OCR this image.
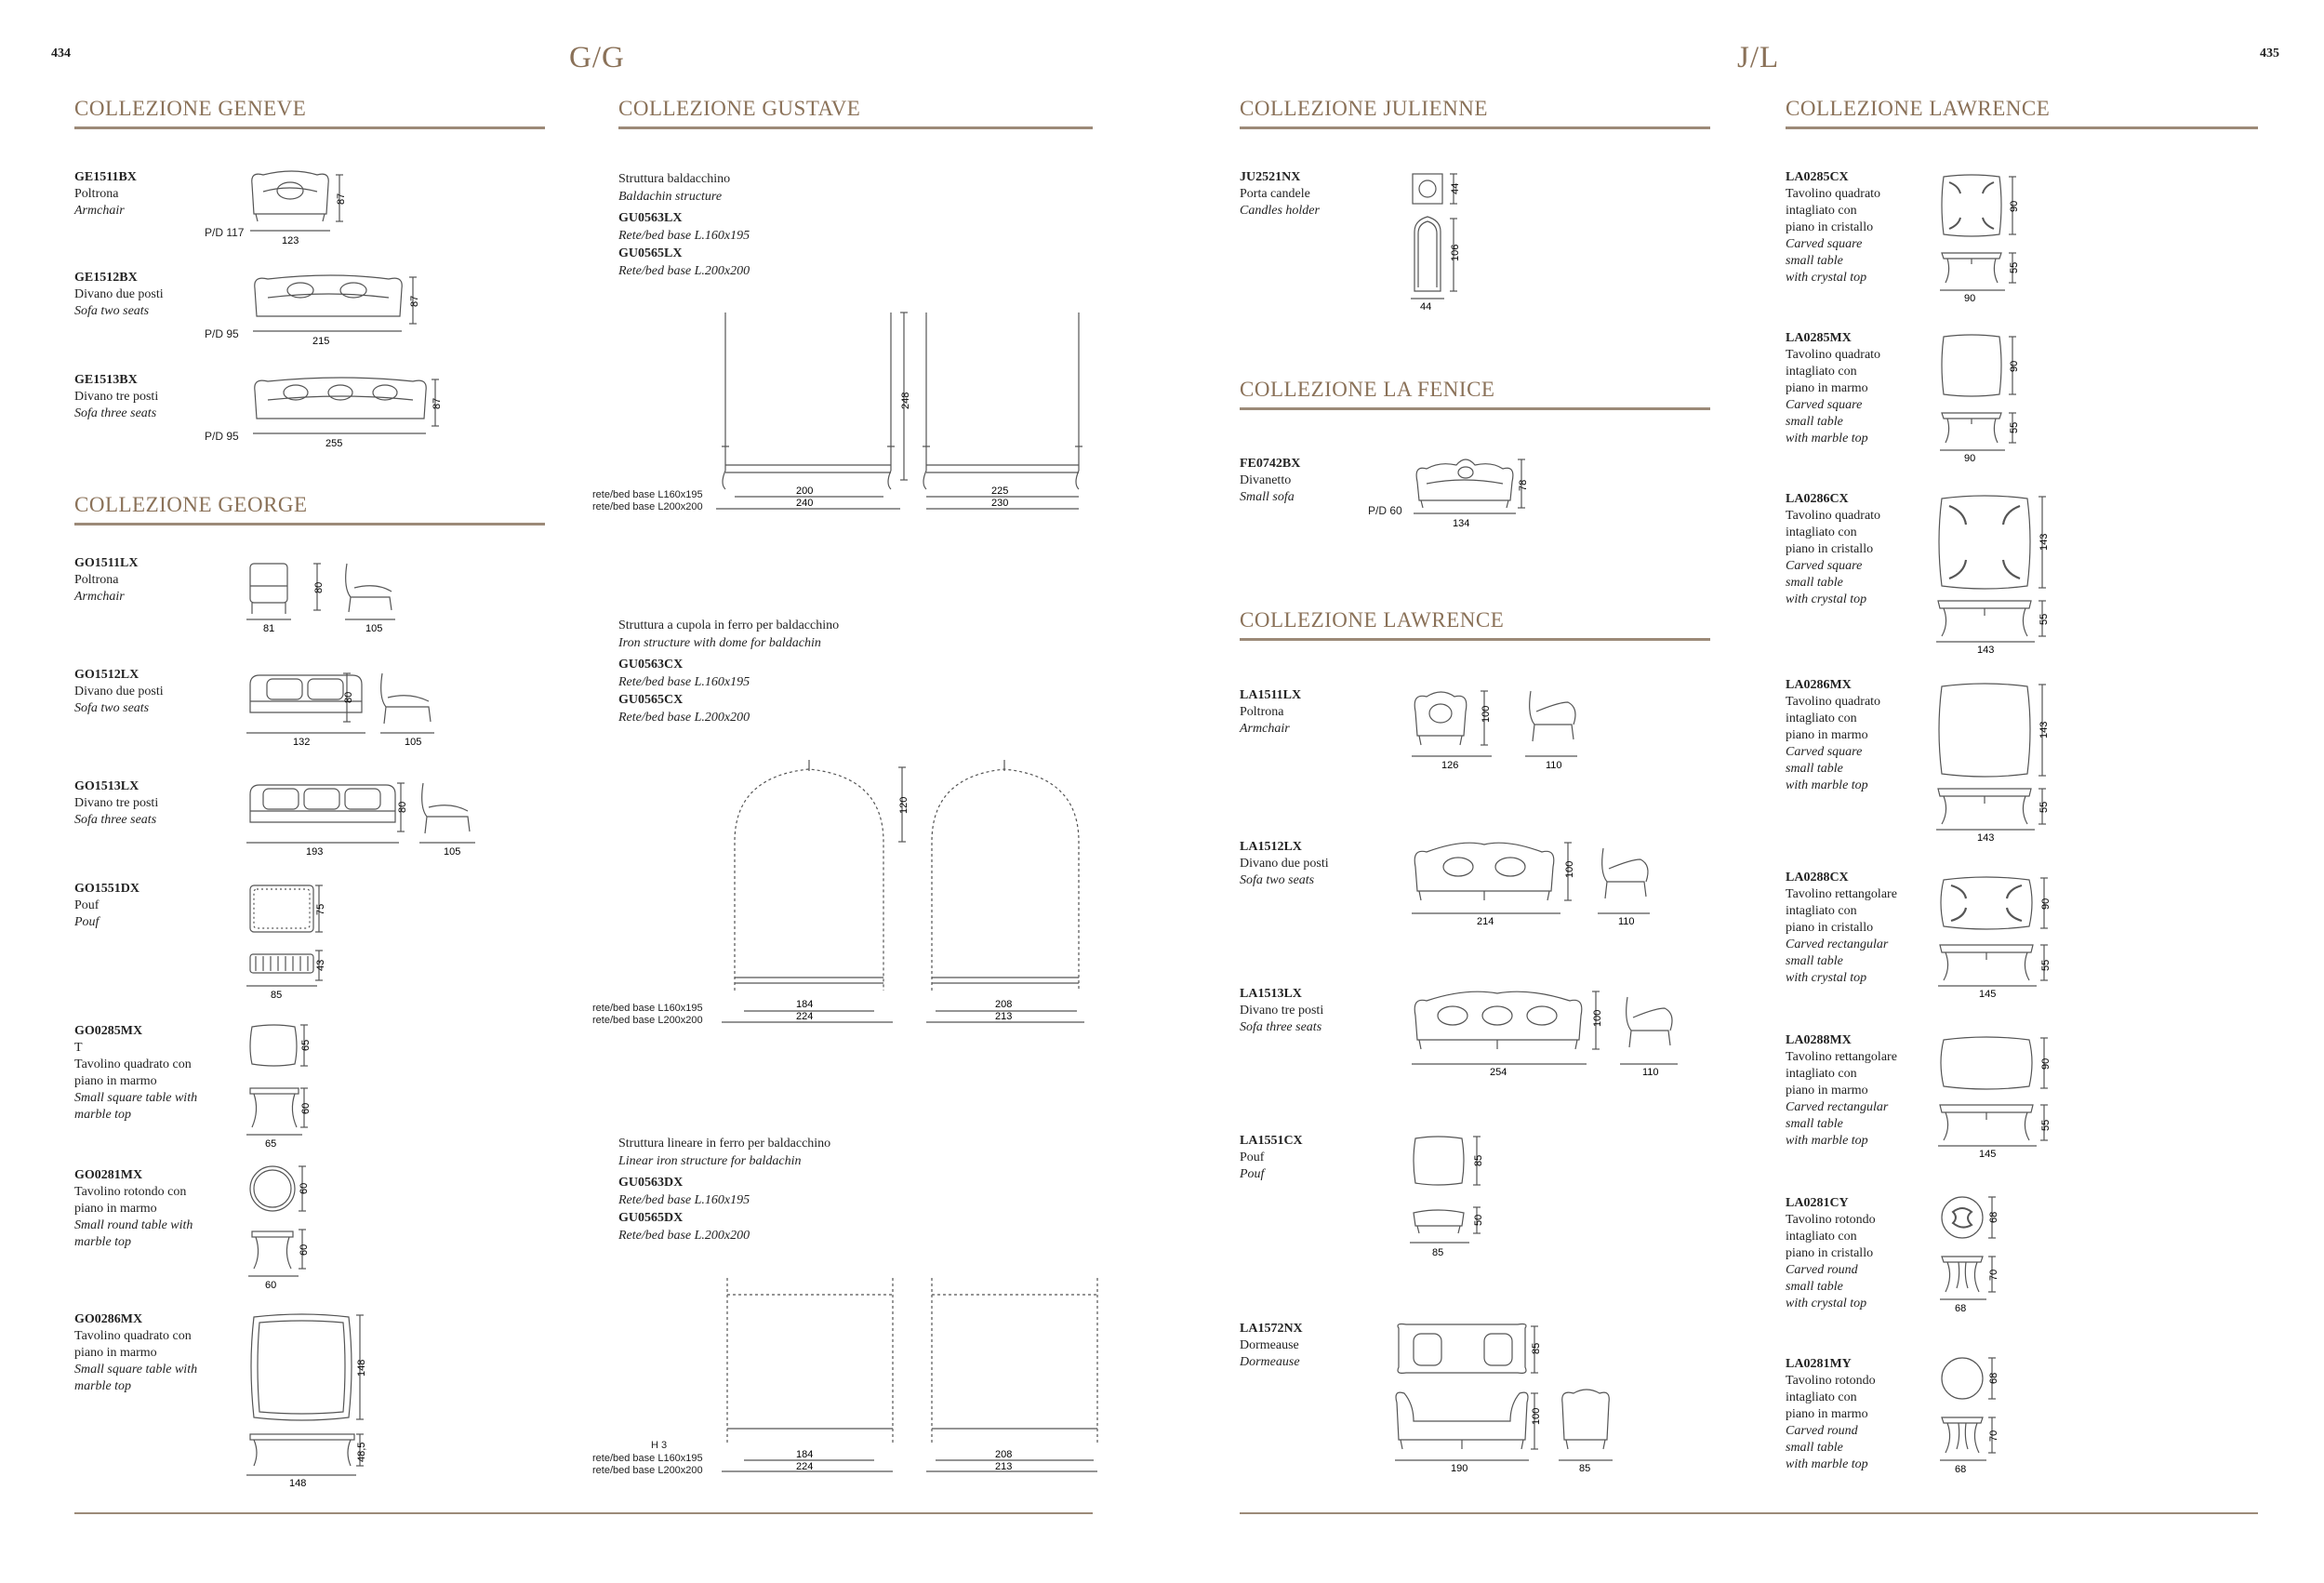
434	435
G/G	J/L
COLLEZIONE GENEVE
GE1511BX
Poltrona
Armchair
P/D 117
87
123
GE1512BX
Divano due posti
Sofa two seats
P/D 95
87
215
GE1513BX
Divano tre posti
Sofa three seats
P/D 95
87
255
COLLEZIONE GEORGE
GO1511LX
Poltrona
Armchair
80
81	105
GO1512LX
Divano due posti
Sofa two seats
80
132	105
GO1513LX
Divano tre posti
Sofa three seats
80
193	105
GO1551DX
Pouf
Pouf
75
43
85
GO0285MX
T
Tavolino quadrato con piano in marmo
Small square table with marble top
65
60
65
GO0281MX
Tavolino rotondo con piano in marmo
Small round table with marble top
60
60
60
GO0286MX
Tavolino quadrato con piano in marmo
Small square table with marble top
148
48,5
148
COLLEZIONE GUSTAVE
Struttura baldacchino
Baldachin structure
GU0563LX
Rete/bed base L.160x195
GU0565LX
Rete/bed base L.200x200
248
200
240
225
230
rete/bed base L160x195
rete/bed base L200x200
Struttura a cupola in ferro per baldacchino
Iron structure with dome for baldachin
GU0563CX
Rete/bed base L.160x195
GU0565CX
Rete/bed base L.200x200
120
184
224
208
213
rete/bed base L160x195
rete/bed base L200x200
Struttura lineare in ferro per baldacchino
Linear iron structure for baldachin
GU0563DX
Rete/bed base L.160x195
GU0565DX
Rete/bed base L.200x200
184
224
208
213
H 3
rete/bed base L160x195
rete/bed base L200x200
COLLEZIONE JULIENNE
JU2521NX
Porta candele
Candles holder
44
106
44
COLLEZIONE LA FENICE
FE0742BX
Divanetto
Small sofa
P/D 60
78
134
COLLEZIONE LAWRENCE
LA1511LX
Poltrona
Armchair
100
126	110
LA1512LX
Divano due posti
Sofa two seats
100
214	110
LA1513LX
Divano tre posti
Sofa three seats
100
254	110
LA1551CX
Pouf
Pouf
85
50
85
LA1572NX
Dormeause
Dormeause
85
100
190	85
COLLEZIONE LAWRENCE
LA0285CX
Tavolino quadrato
intagliato con
piano in cristallo
Carved square
small table
with crystal top
90
55
90
LA0285MX
Tavolino quadrato
intagliato con
piano in marmo
Carved square
small table
with marble top
90
55
90
LA0286CX
Tavolino quadrato
intagliato con
piano in cristallo
Carved square
small table
with crystal top
143
55
143
LA0286MX
Tavolino quadrato
intagliato con
piano in marmo
Carved square
small table
with marble top
143
55
143
LA0288CX
Tavolino rettangolare
intagliato con
piano in cristallo
Carved rectangular
small table
with crystal top
90
55
145
LA0288MX
Tavolino rettangolare
intagliato con
piano in marmo
Carved rectangular
small table
with marble top
90
55
145
LA0281CY
Tavolino rotondo
intagliato con
piano in cristallo
Carved round
small table
with crystal top
68
70
68
LA0281MY
Tavolino rotondo
intagliato con
piano in marmo
Carved round
small table
with marble top
68
70
68
